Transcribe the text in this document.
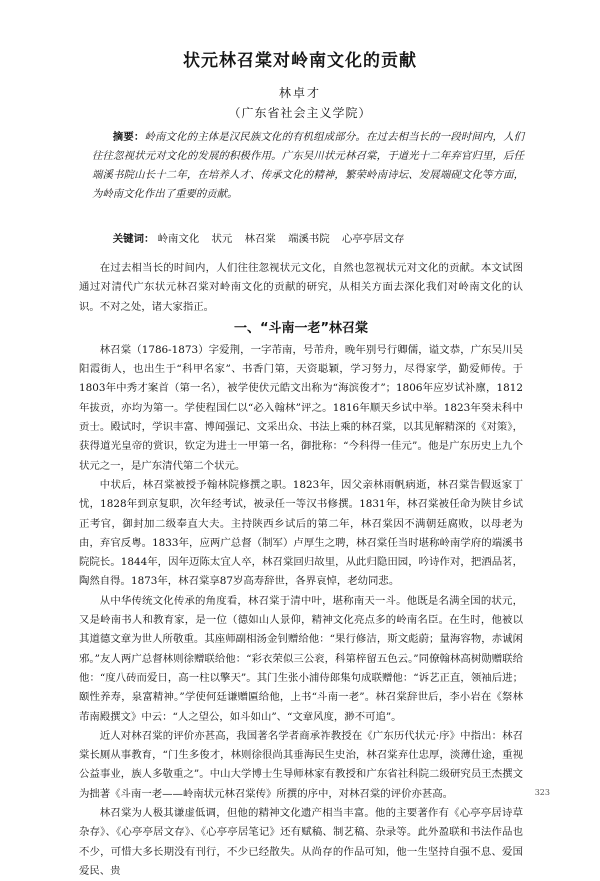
状元林召棠对岭南文化的贡献
林卓才
（广东省社会主义学院）
摘要：岭南文化的主体是汉民族文化的有机组成部分。在过去相当长的一段时间内，人们往往忽视状元对文化的发展的积极作用。广东吴川状元林召棠，于道光十二年弃官归里，后任端溪书院山长十二年，在培养人才、传承文化的精神，繁荣岭南诗坛、发展端砚文化等方面，为岭南文化作出了重要的贡献。
关键词： 岭南文化 状元 林召棠 端溪书院 心亭亭居文存

在过去相当长的时间内，人们往往忽视状元文化，自然也忽视状元对文化的贡献。本文试图通过对清代广东状元林召棠对岭南文化的贡献的研究，从相关方面去深化我们对岭南文化的认识。不对之处，诸大家指正。

一、“斗南一老”林召棠

林召棠（1786-1873）字爱荆，一字芾南，号芾舟，晚年别号行卿儒，谥文恭，广东吴川吴阳霞街人，也出生于“科甲名家”、书香门第，天资聪颖，学习努力，尽得家学，勤爱师传。于1803年中秀才案首（第一名），被学使伏元皓文出称为“海滨俊才”；1806年应岁试补廪，1812年拔贡，亦均为第一。学使程国仁以“必入翰林”评之。1816年顺天乡试中举。1823年癸未科中贡士。殿试时，学识丰富、博闻强记、文采出众、书法上乘的林召棠，以其见解精深的《对策》，获得道光皇帝的赏识，钦定为进士一甲第一名，御批称：“今科得一佳元”。他是广东历史上九个状元之一，是广东清代第二个状元。

中状后，林召棠被授予翰林院修撰之职。1823年，因父亲林雨帆病逝，林召棠告假返家丁忧，1828年到京复职，次年经考试，被录任一等汉书修撰。1831年，林召棠被任命为陕甘乡试正考官，御封加二级奉直大夫。主持陕西乡试后的第二年，林召棠因不满朝廷腐败，以母老为由，弃官反粤。1833年，应两广总督（制军）卢厚生之聘，林召棠任当时堪称岭南学府的端溪书院院长。1844年，因年迈陈太宜人卒，林召棠回归故里，从此归隐田园，吟诗作对，把酒品茗，陶然自得。1873年，林召棠享87岁高寿辞世，各界哀悼，老幼同悲。

从中华传统文化传承的角度看，林召棠于清中叶，堪称南天一斗。他既是名满全国的状元，又是岭南书人和教育家，是一位（德如山人景仰，精神文化亮点多的岭南名臣。在生时，他被以其道德文章为世人所敬重。其座师副相汤金钊赠给他：“果行修洁，斯文彪蔚；量海容物，赤诚闲邪。”友人两广总督林则徐赠联给他：“彩衣荣似三公衮，科第梓留五色云。”同僚翰林高树勋赠联给他：“度八砖而爱日，高一柱以擎天”。其门生张小浦侍郎集句成联赠他：“诉艺正直，领袖后进；颐性养寿，泉富精神。”学使何廷谦赠匾给他，上书“斗南一老”。林召棠辞世后，李小岩在《祭林芾南殿撰文》中云：“人之望公，如斗如山”、“文章风度，渺不可追”。

近人对林召棠的评价亦甚高，我国著名学者商承祚教授在《广东历代状元·序》中指出：林召棠长厕从事教育，“门生多俊才，林则徐很尚其垂海民生史治，林召棠弃仕忠厚，淡薄仕途，重视公益事业，族人多敬重之”。中山大学博士生导师林家有教授和广东省社科院二级研究员王杰撰文为拙著《斗南一老——岭南状元林召棠传》所撰的序中，对林召棠的评价亦甚高。

林召棠为人极其谦虚低调，但他的精神文化遗产相当丰富。他的主要著作有《心亭亭居诗草杂存》、《心亭亭居文存》、《心亭亭居笔记》还有赋稿、制艺稿、杂录等。此外盈联和书法作品也不少，可惜大多长期没有刊行，不少已经散失。从尚存的作品可知，他一生坚持自强不息、爱国爱民、贵

323
